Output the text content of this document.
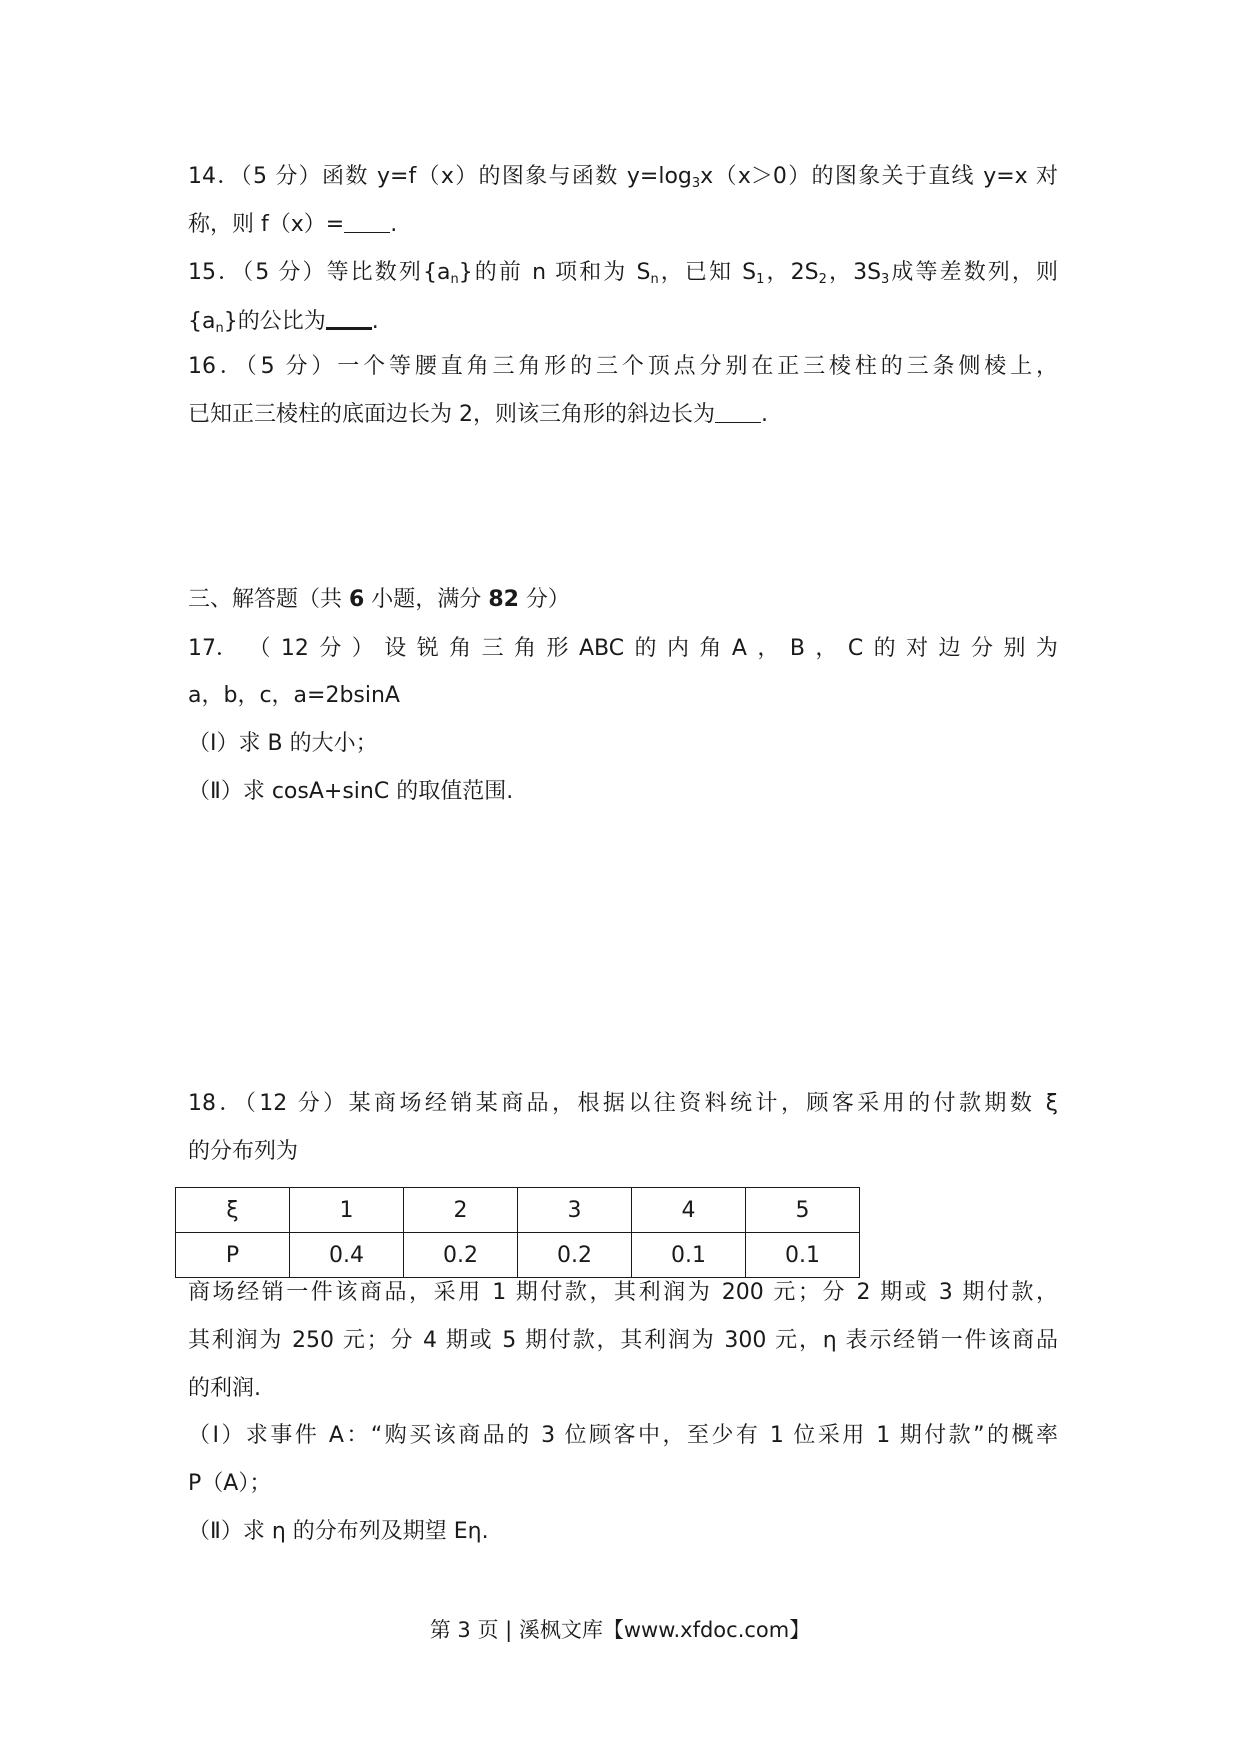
14．（5 分）函数 y=f（x）的图象与函数 $y=\log_3x(x>0)$的图象关于直线 y=x 对
称，则 f（x）= .
15．（5 分）等比数列$\{a_n\}$的前 n 项和为 $S_n$，已知 $S_1$，$2S_2$，$3S_3$成等差数列，则
$\{a_n\}$的公比为 .
16．（5 分）一个等腰直角三角形的三个顶点分别在正三棱柱的三条侧棱上，
已知正三棱柱的底面边长为 2，则该三角形的斜边长为 .
三、解答题（共 6 小题，满分 82 分）
17． （ 12 分 ） 设 锐 角 三 角 形 ABC 的 内 角 A ， B ， C 的 对 边 分 别 为
a，b，c，a=2bsinA
（Ⅰ）求 B 的大小；
（Ⅱ）求 cosA+sinC 的取值范围.
18．（12 分）某商场经销某商品，根据以往资料统计，顾客采用的付款期数 ξ
的分布列为
ξ	1	2	3	4	5
P	0.4	0.2	0.2	0.1	0.1
商场经销一件该商品，采用 1 期付款，其利润为 200 元；分 2 期或 3 期付款，
其利润为 250 元；分 4 期或 5 期付款，其利润为 300 元，η 表示经销一件该商品
的利润.
（Ⅰ）求事件 A：“购买该商品的 3 位顾客中，至少有 1 位采用 1 期付款”的概率
P（A）；
（Ⅱ）求 η 的分布列及期望 Eη.
第 3 页 | 溪枫文库【www.xfdoc.com】
